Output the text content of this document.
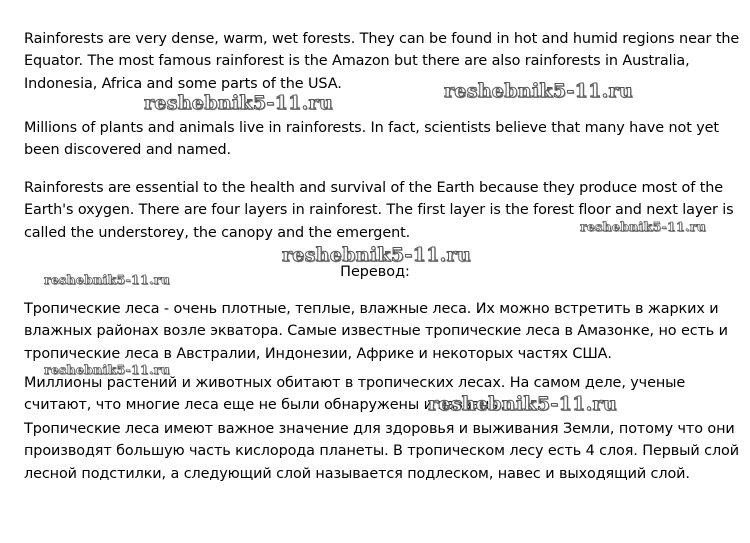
Rainforests are very dense, warm, wet forests. They can be found in hot and humid regions near the Equator. The most famous rainforest is the Amazon but there are also rainforests in Australia, Indonesia, Africa and some parts of the USA.

Millions of plants and animals live in rainforests. In fact, scientists believe that many have not yet been discovered and named.

Rainforests are essential to the health and survival of the Earth because they produce most of the Earth's oxygen. There are four layers in rainforest. The first layer is the forest floor and next layer is called the understorey, the canopy and the emergent.

Перевод:

Тропические леса - очень плотные, теплые, влажные леса. Их можно встретить в жарких и влажных районах возле экватора. Самые известные тропические леса в Амазонке, но есть и тропические леса в Австралии, Индонезии, Африке и некоторых частях США.

Миллионы растений и животных обитают в тропических лесах. На самом деле, ученые считают, что многие леса еще не были обнаружены и названы.

Тропические леса имеют важное значение для здоровья и выживания Земли, потому что они производят большую часть кислорода планеты. В тропическом лесу есть 4 слоя. Первый слой лесной подстилки, а следующий слой называется подлеском, навес и выходящий слой.

reshebnik5-11.ru
reshebnik5-11.ru
reshebnik5-11.ru
reshebnik5-11.ru
reshebnik5-11.ru
reshebnik5-11.ru
reshebnik5-11.ru
